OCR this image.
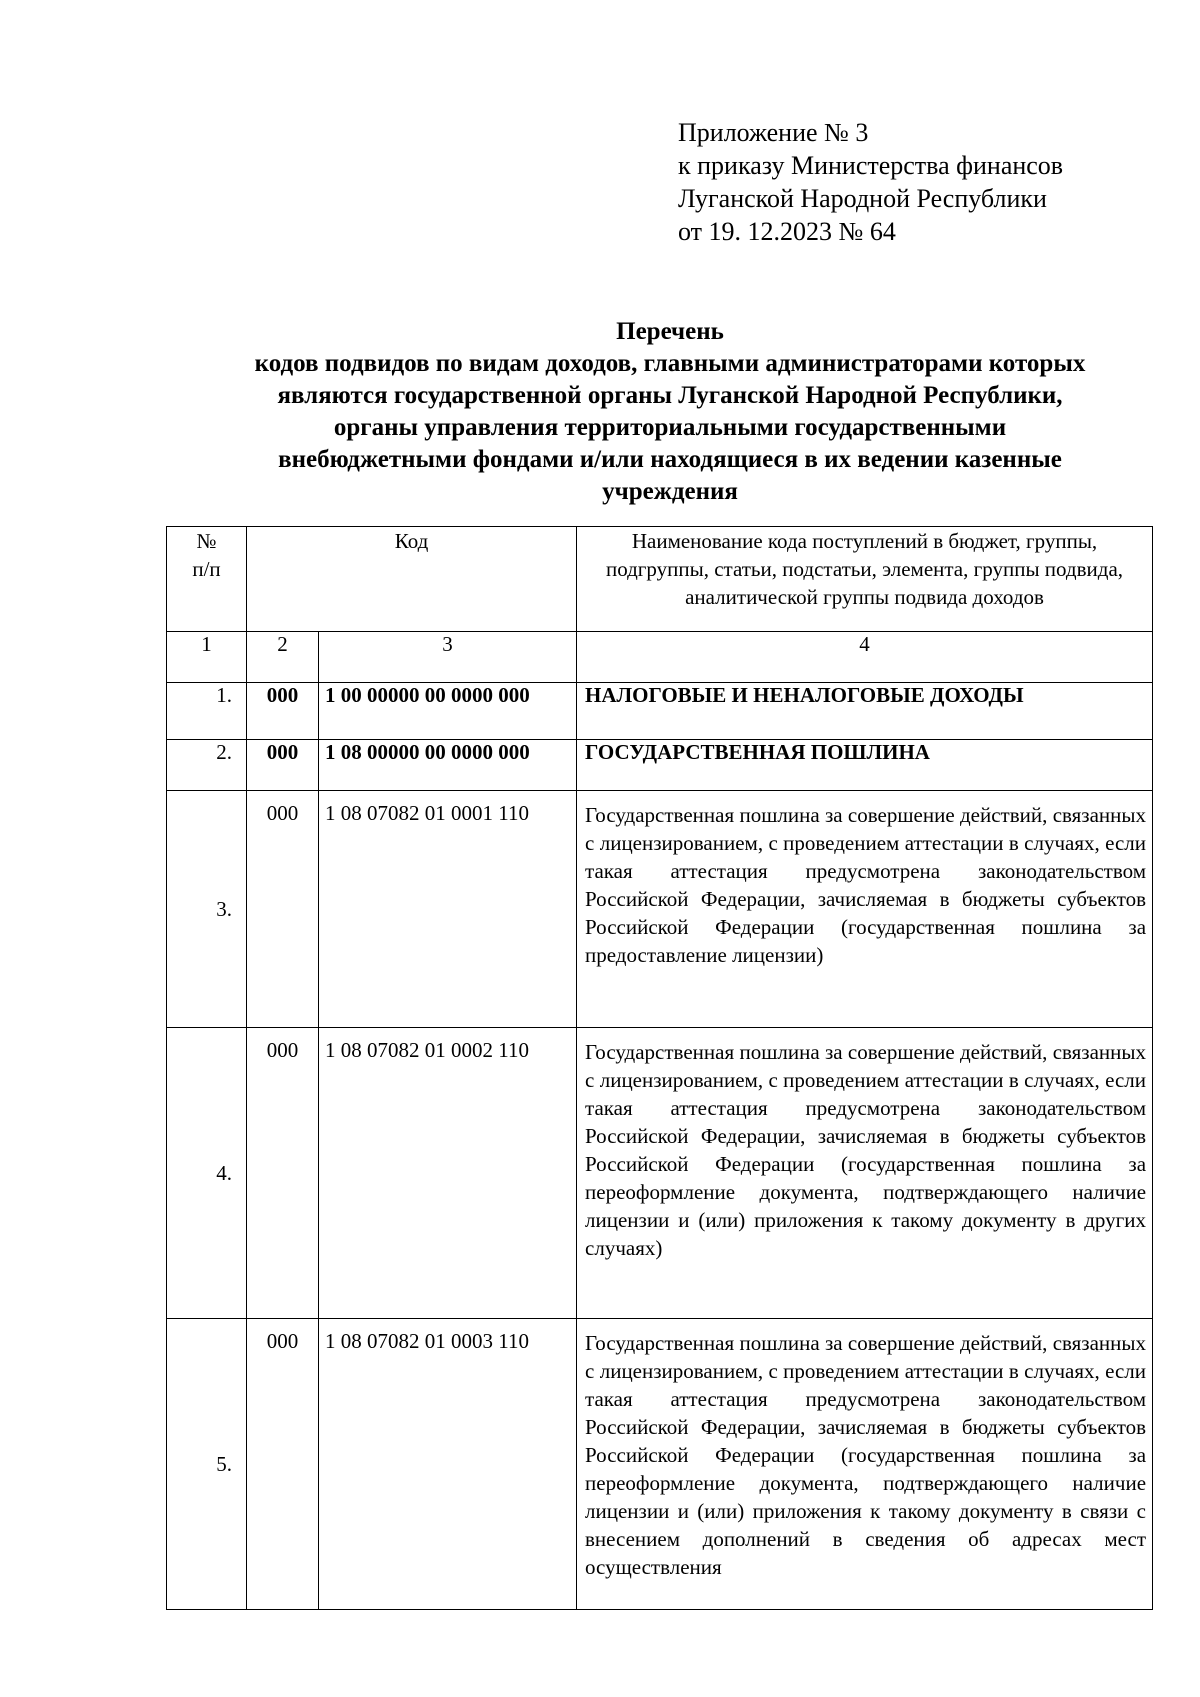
Приложение № 3
к приказу Министерства финансов
Луганской Народной Республики
от 19. 12.2023 № 64
Перечень
кодов подвидов по видам доходов, главными администраторами которых
являются государственной органы Луганской Народной Республики,
органы управления территориальными государственными
внебюджетными фондами и/или находящиеся в их ведении казенные
учреждения
№
п/п	Код		Наименование кода поступлений в бюджет, группы, подгруппы, статьи, подстатьи, элемента, группы подвида, аналитической группы подвида доходов
1	2	3	4
1.	000	1 00 00000 00 0000 000	НАЛОГОВЫЕ И НЕНАЛОГОВЫЕ ДОХОДЫ
2.	000	1 08 00000 00 0000 000	ГОСУДАРСТВЕННАЯ ПОШЛИНА
3.	000	1 08 07082 01 0001 110	Государственная пошлина за совершение действий, связанных с лицензированием, с проведением аттестации в случаях, если такая аттестация предусмотрена законодательством Российской Федерации, зачисляемая в бюджеты субъектов Российской Федерации (государственная пошлина за предоставление лицензии)
4.	000	1 08 07082 01 0002 110	Государственная пошлина за совершение действий, связанных с лицензированием, с проведением аттестации в случаях, если такая аттестация предусмотрена законодательством Российской Федерации, зачисляемая в бюджеты субъектов Российской Федерации (государственная пошлина за переоформление документа, подтверждающего наличие лицензии и (или) приложения к такому документу в других случаях)
5.	000	1 08 07082 01 0003 110	Государственная пошлина за совершение действий, связанных с лицензированием, с проведением аттестации в случаях, если такая аттестация предусмотрена законодательством Российской Федерации, зачисляемая в бюджеты субъектов Российской Федерации (государственная пошлина за переоформление документа, подтверждающего наличие лицензии и (или) приложения к такому документу в связи с внесением дополнений в сведения об адресах мест осуществления
